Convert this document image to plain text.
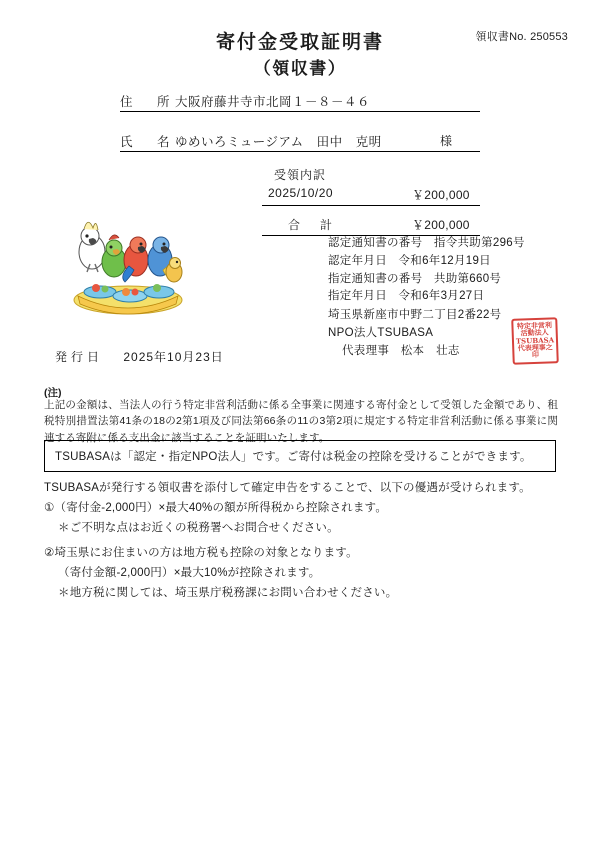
領収書No. 250553
寄付金受取証明書
（領収書）
住　所 大阪府藤井寺市北岡１－８－４６
氏　名 ゆめいろミュージアム　田中　克明	様
受領内訳
2025/10/20	￥200,000
合　計	￥200,000
認定通知書の番号 指令共助第296号
認定年月日 令和6年12月19日
指定通知書の番号 共助第660号
指定年月日 令和6年3月27日
埼玉県新座市中野二丁目2番22号
NPO法人TSUBASA
代表理事 松本　壮志
特定非営利
活動法人
TSUBASA
代表理事之印
発行日 2025年10月23日
(注)
上記の金額は、当法人の行う特定非営利活動に係る全事業に関連する寄付金として受領した金額であり、租税特別措置法第41条の18の2第1項及び同法第66条の11の3第2項に規定する特定非営利活動に係る事業に関連する寄附に係る支出金に該当することを証明いたします。
TSUBASAは「認定・指定NPO法人」です。ご寄付は税金の控除を受けることができます。
TSUBASAが発行する領収書を添付して確定申告をすることで、以下の優遇が受けられます。
①（寄付金-2,000円）×最大40%の額が所得税から控除されます。
＊ご不明な点はお近くの税務署へお問合せください。
②埼玉県にお住まいの方は地方税も控除の対象となります。
（寄付金額-2,000円）×最大10%が控除されます。
＊地方税に関しては、埼玉県庁税務課にお問い合わせください。
